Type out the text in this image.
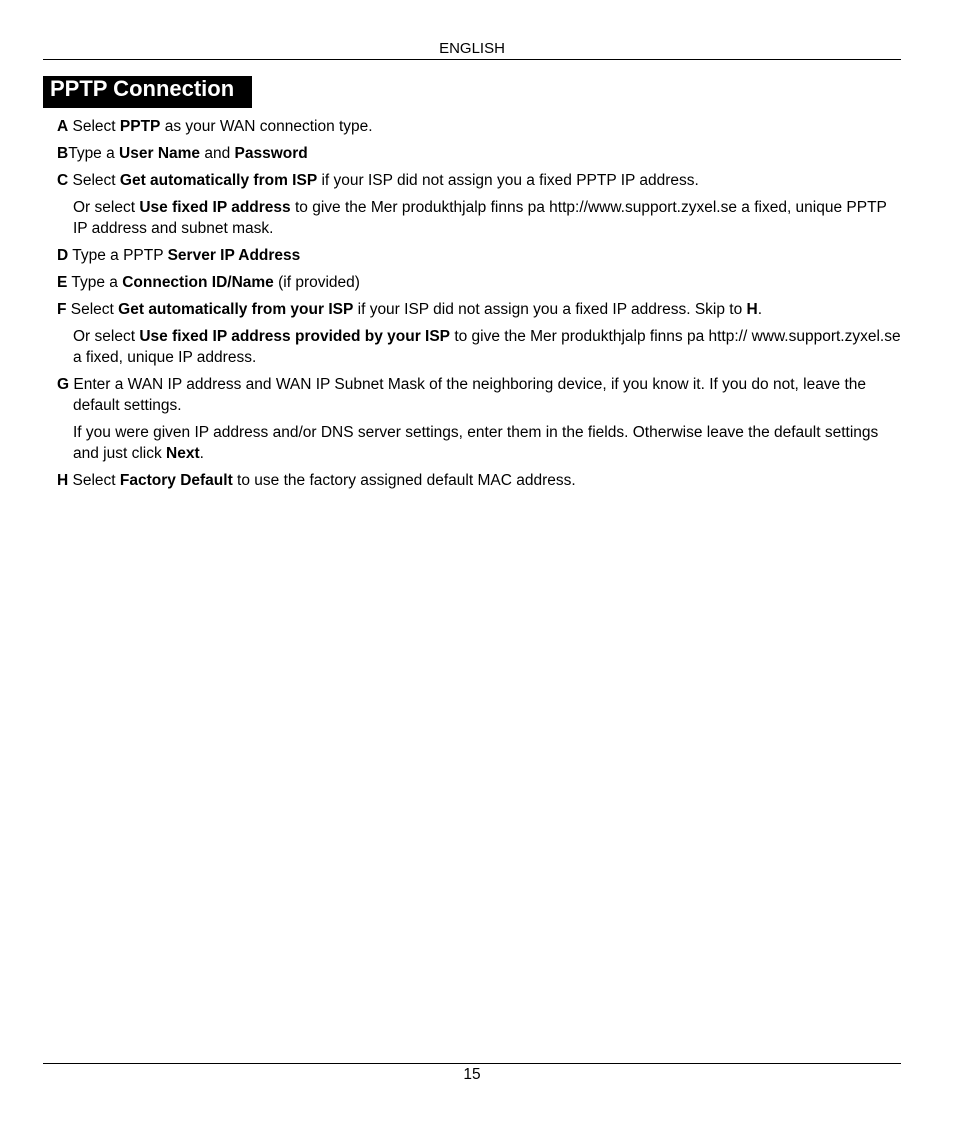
ENGLISH
PPTP Connection
A Select PPTP as your WAN connection type.
BType a User Name and Password
C Select Get automatically from ISP if your ISP did not assign you a fixed PPTP IP address.
Or select Use fixed IP address to give the Mer produkthjalp finns pa http://www.support.zyxel.se a fixed, unique PPTP IP address and subnet mask.
D Type a PPTP Server IP Address
E Type a Connection ID/Name (if provided)
F Select Get automatically from your ISP if your ISP did not assign you a fixed IP address. Skip to H.
Or select Use fixed IP address provided by your ISP to give the Mer produkthjalp finns pa http:// www.support.zyxel.se a fixed, unique IP address.
G Enter a WAN IP address and WAN IP Subnet Mask of the neighboring device, if you know it. If you do not, leave the default settings.
If you were given IP address and/or DNS server settings, enter them in the fields. Otherwise leave the default settings and just click Next.
H Select Factory Default to use the factory assigned default MAC address.
15
